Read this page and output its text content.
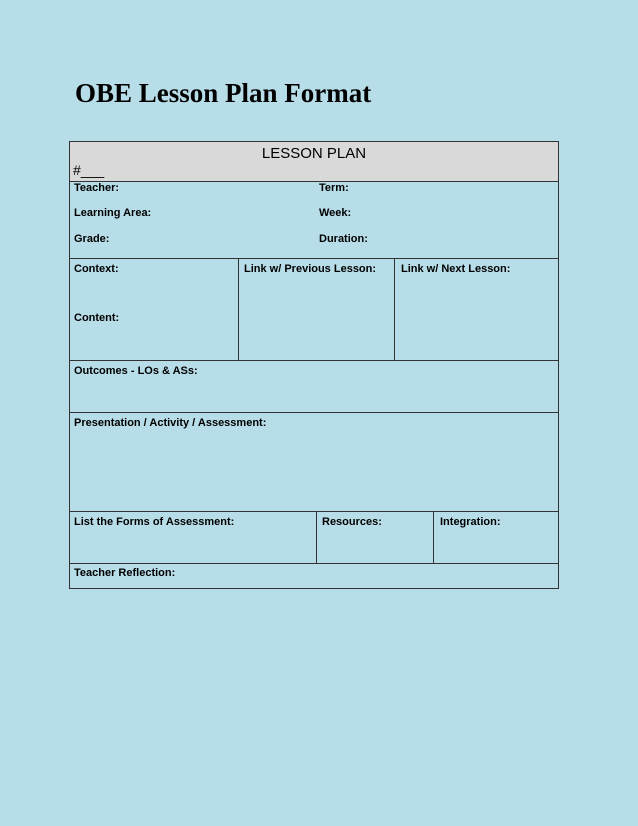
OBE Lesson Plan Format
LESSON PLAN
#___
Teacher:
Learning Area:
Grade:
Term:
Week:
Duration:
Context:
Content:
Link w/ Previous Lesson: Link w/ Next Lesson:
Outcomes - LOs & ASs:
Presentation / Activity / Assessment:
List the Forms of Assessment:	Resources:	Integration:
Teacher Reflection:
